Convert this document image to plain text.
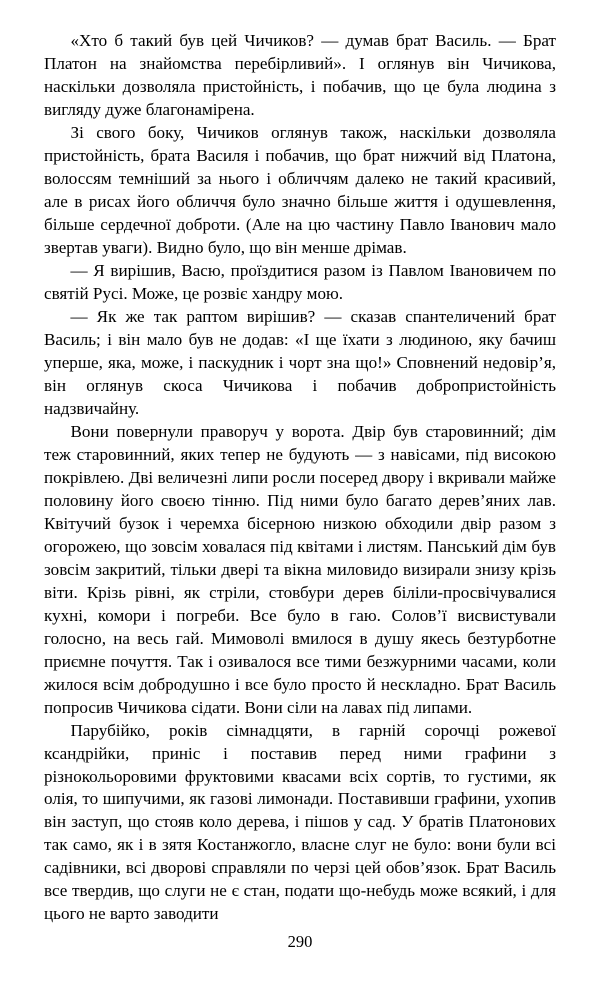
«Хто б такий був цей Чичиков? — думав брат Василь. — Брат Платон на знайомства перебірливий». І оглянув він Чичикова, наскільки дозволяла пристойність, і побачив, що це була людина з вигляду дуже благонамірена.

Зі свого боку, Чичиков оглянув також, наскільки дозволяла пристойність, брата Василя і побачив, що брат нижчий від Платона, волоссям темніший за нього і обличчям далеко не такий красивий, але в рисах його обличчя було значно більше життя і одушевлення, більше сердечної доброти. (Але на цю частину Павло Іванович мало звертав уваги). Видно було, що він менше дрімав.

— Я вирішив, Васю, проїздитися разом із Павлом Івановичем по святій Русі. Може, це розвіє хандру мою.

— Як же так раптом вирішив? — сказав спантеличений брат Василь; і він мало був не додав: «І ще їхати з людиною, яку бачиш уперше, яка, може, і паскудник і чорт зна що!» Сповнений недовір’я, він оглянув скоса Чичикова і побачив добропристойність надзвичайну.

Вони повернули праворуч у ворота. Двір був старовинний; дім теж старовинний, яких тепер не будують — з навісами, під високою покрівлею. Дві величезні липи росли посеред двору і вкривали майже половину його своєю тінню. Під ними було багато дерев’яних лав. Квітучий бузок і черемха бісерною низкою обходили двір разом з огорожею, що зовсім ховалася під квітами і листям. Панський дім був зовсім закритий, тільки двері та вікна миловидо визирали знизу крізь віти. Крізь рівні, як стріли, стовбури дерев біліли-просвічувалися кухні, комори і погреби. Все було в гаю. Солов’ї висвистували голосно, на весь гай. Мимоволі вмилося в душу якесь безтурботне приємне почуття. Так і озивалося все тими безжурними часами, коли жилося всім добродушно і все було просто й нескладно. Брат Василь попросив Чичикова сідати. Вони сіли на лавах під липами.

Парубійко, років сімнадцяти, в гарній сорочці рожевої ксандрійки, приніс і поставив перед ними графини з різнокольоровими фруктовими квасами всіх сортів, то густими, як олія, то шипучими, як газові лимонади. Поставивши графини, ухопив він заступ, що стояв коло дерева, і пішов у сад. У братів Платонових так само, як і в зятя Костанжогло, власне слуг не було: вони були всі садівники, всі дворові справляли по черзі цей обов’язок. Брат Василь все твердив, що слуги не є стан, подати що-небудь може всякий, і для цього не варто заводити

290
